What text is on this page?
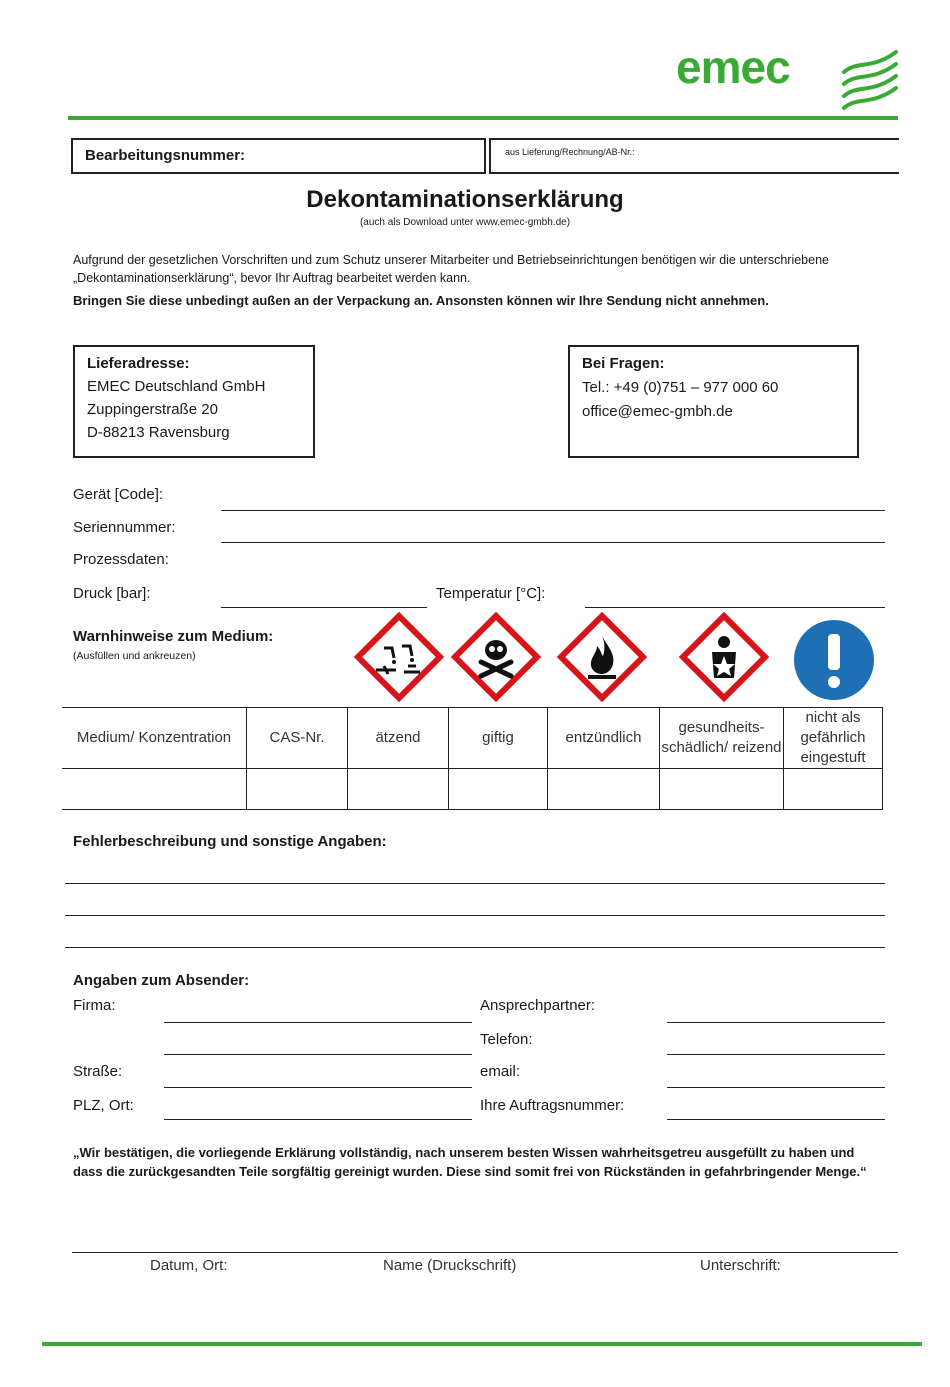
emec
Bearbeitungsnummer:	aus Lieferung/Rechnung/AB-Nr.:
Dekontaminationserklärung
(auch als Download unter www.emec-gmbh.de)
Aufgrund der gesetzlichen Vorschriften und zum Schutz unserer Mitarbeiter und Betriebseinrichtungen benötigen wir die unterschriebene „Dekontaminationserklärung“, bevor Ihr Auftrag bearbeitet werden kann.
Bringen Sie diese unbedingt außen an der Verpackung an. Ansonsten können wir Ihre Sendung nicht annehmen.
Lieferadresse:
EMEC Deutschland GmbH
Zuppingerstraße 20
D-88213 Ravensburg
Bei Fragen:
Tel.: +49 (0)751 – 977 000 60
office@emec-gmbh.de
Gerät [Code]:
Seriennummer:
Prozessdaten:
Druck [bar]:	Temperatur [°C]:
Warnhinweise zum Medium:
(Ausfüllen und ankreuzen)
Medium/ Konzentration	CAS-Nr.	ätzend	giftig	entzündlich	gesundheits- schädlich/ reizend	nicht als gefährlich eingestuft

Fehlerbeschreibung und sonstige Angaben:
Angaben zum Absender:
Firma:	Ansprechpartner:
Telefon:
Straße:	email:
PLZ, Ort:	Ihre Auftragsnummer:
„Wir bestätigen, die vorliegende Erklärung vollständig, nach unserem besten Wissen wahrheitsgetreu ausgefüllt zu haben und dass die zurückgesandten Teile sorgfältig gereinigt wurden. Diese sind somit frei von Rückständen in gefahrbringender Menge.“
Datum, Ort:	Name (Druckschrift)	Unterschrift:
